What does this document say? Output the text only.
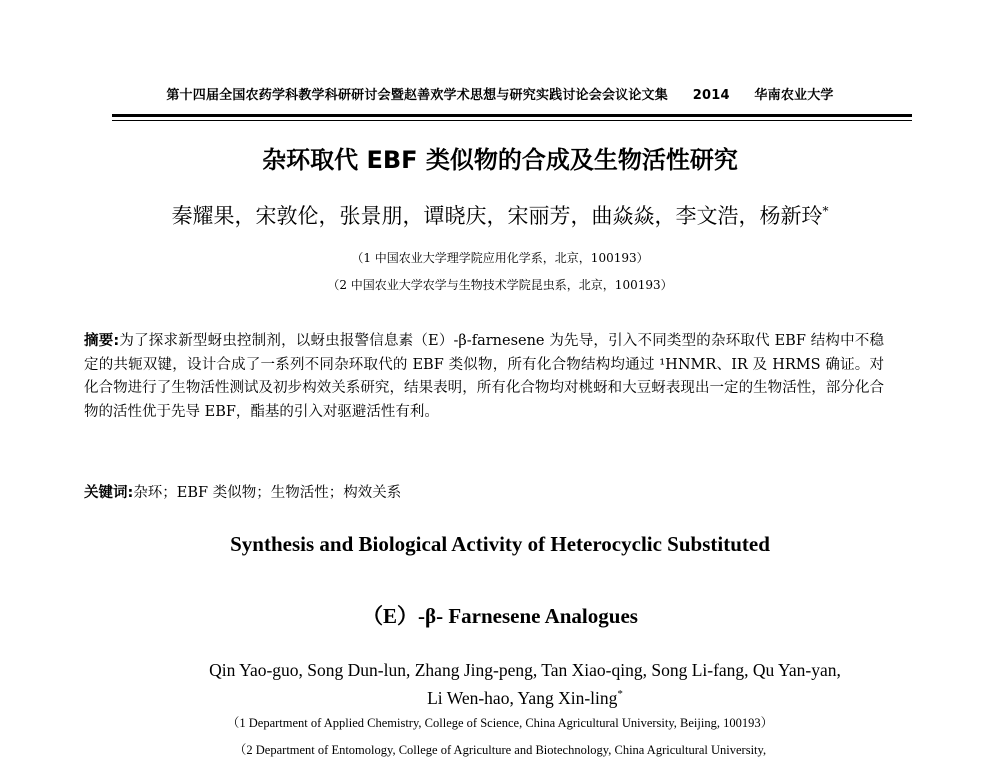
第十四届全国农药学科教学科研研讨会暨赵善欢学术思想与研究实践讨论会会议论文集 2014 华南农业大学
杂环取代 EBF 类似物的合成及生物活性研究
秦耀果，宋敦伦，张景朋，谭晓庆，宋丽芳，曲焱焱，李文浩，杨新玲*
（1 中国农业大学理学院应用化学系，北京，100193）
（2 中国农业大学农学与生物技术学院昆虫系，北京，100193）
摘要:为了探求新型蚜虫控制剂，以蚜虫报警信息素（E）-β-farnesene 为先导，引入不同类型的杂环取代 EBF 结构中不稳定的共轭双键，设计合成了一系列不同杂环取代的 EBF 类似物，所有化合物结构均通过 ¹HNMR、IR 及 HRMS 确证。对化合物进行了生物活性测试及初步构效关系研究，结果表明，所有化合物均对桃蚜和大豆蚜表现出一定的生物活性，部分化合物的活性优于先导 EBF，酯基的引入对驱避活性有利。
关键词:杂环；EBF 类似物；生物活性；构效关系
Synthesis and Biological Activity of Heterocyclic Substituted
（E）-β- Farnesene Analogues
Qin Yao-guo, Song Dun-lun, Zhang Jing-peng, Tan Xiao-qing, Song Li-fang, Qu Yan-yan,
Li Wen-hao, Yang Xin-ling*
（1 Department of Applied Chemistry, College of Science, China Agricultural University, Beijing, 100193）
（2 Department of Entomology, College of Agriculture and Biotechnology, China Agricultural University,
